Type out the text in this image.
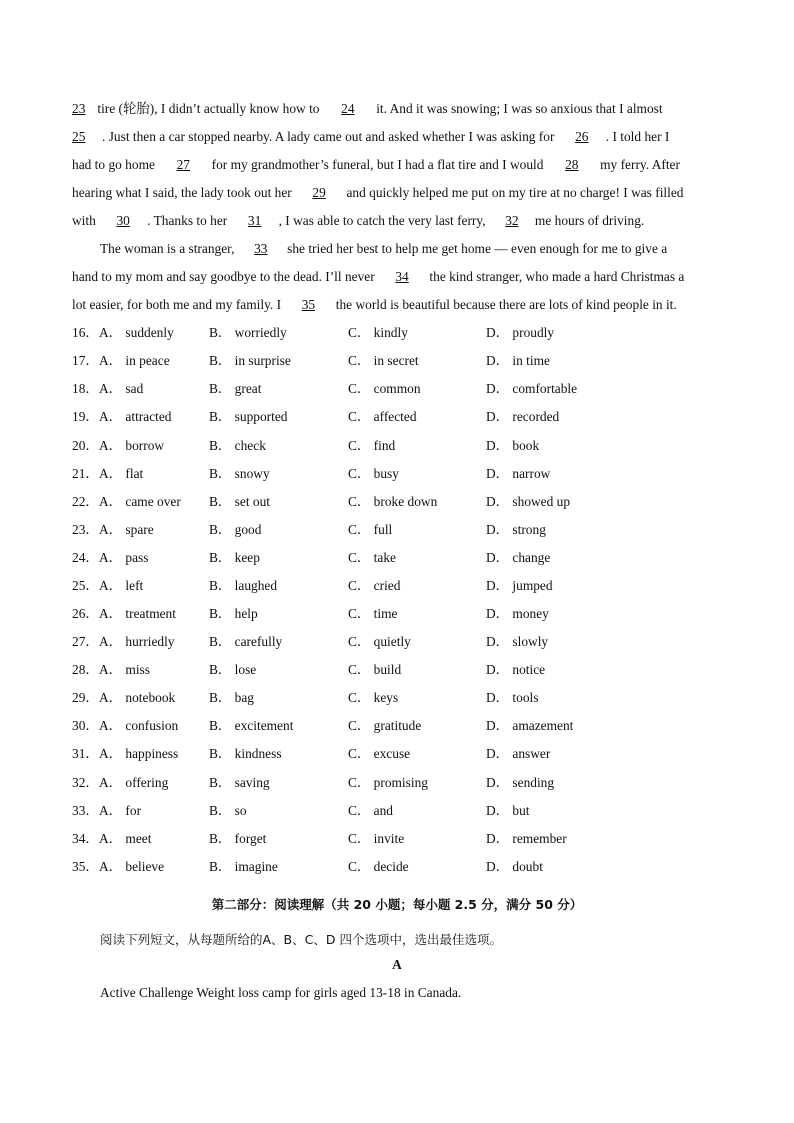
23 tire (轮胎), I didn’t actually know how to 24 it. And it was snowing; I was so anxious that I almost
25 . Just then a car stopped nearby. A lady came out and asked whether I was asking for 26 . I told her I
had to go home 27 for my grandmother’s funeral, but I had a flat tire and I would 28 my ferry. After
hearing what I said, the lady took out her 29 and quickly helped me put on my tire at no charge! I was filled
with 30 . Thanks to her 31 , I was able to catch the very last ferry, 32 me hours of driving.
The woman is a stranger, 33 she tried her best to help me get home — even enough for me to give a
hand to my mom and say goodbye to the dead. I’ll never 34 the kind stranger, who made a hard Christmas a
lot easier, for both me and my family. I 35 the world is beautiful because there are lots of kind people in it.
16． A． suddenly	B． worriedly	C． kindly	D． proudly
17． A． in peace	B． in surprise	C． in secret	D． in time
18． A． sad	B． great	C． common	D． comfortable
19． A． attracted	B． supported	C． affected	D． recorded
20． A． borrow	B． check	C． find	D． book
21． A． flat	B． snowy	C． busy	D． narrow
22． A． came over B． set out	C． broke down	D． showed up
23． A． spare	B． good	C． full	D． strong
24． A． pass	B． keep	C． take	D． change
25． A． left	B． laughed	C． cried	D． jumped
26． A． treatment B． help	C． time	D． money
27． A． hurriedly	B． carefully	C． quietly	D． slowly
28． A． miss	B． lose	C． build	D． notice
29． A． notebook	B． bag	C． keys	D． tools
30． A． confusion B． excitement	C． gratitude	D． amazement
31． A． happiness B． kindness	C． excuse	D． answer
32． A． offering	B． saving	C． promising	D． sending
33． A． for	B． so	C． and	D． but
34． A． meet	B． forget	C． invite	D． remember
35． A． believe	B． imagine	C． decide	D． doubt
第二部分：阅读理解（共 20 小题；每小题 2.5 分，满分 50 分）
阅读下列短文，从每题所给的A、B、C、D 四个选项中，选出最佳选项。
A
Active Challenge Weight loss camp for girls aged 13-18 in Canada.
